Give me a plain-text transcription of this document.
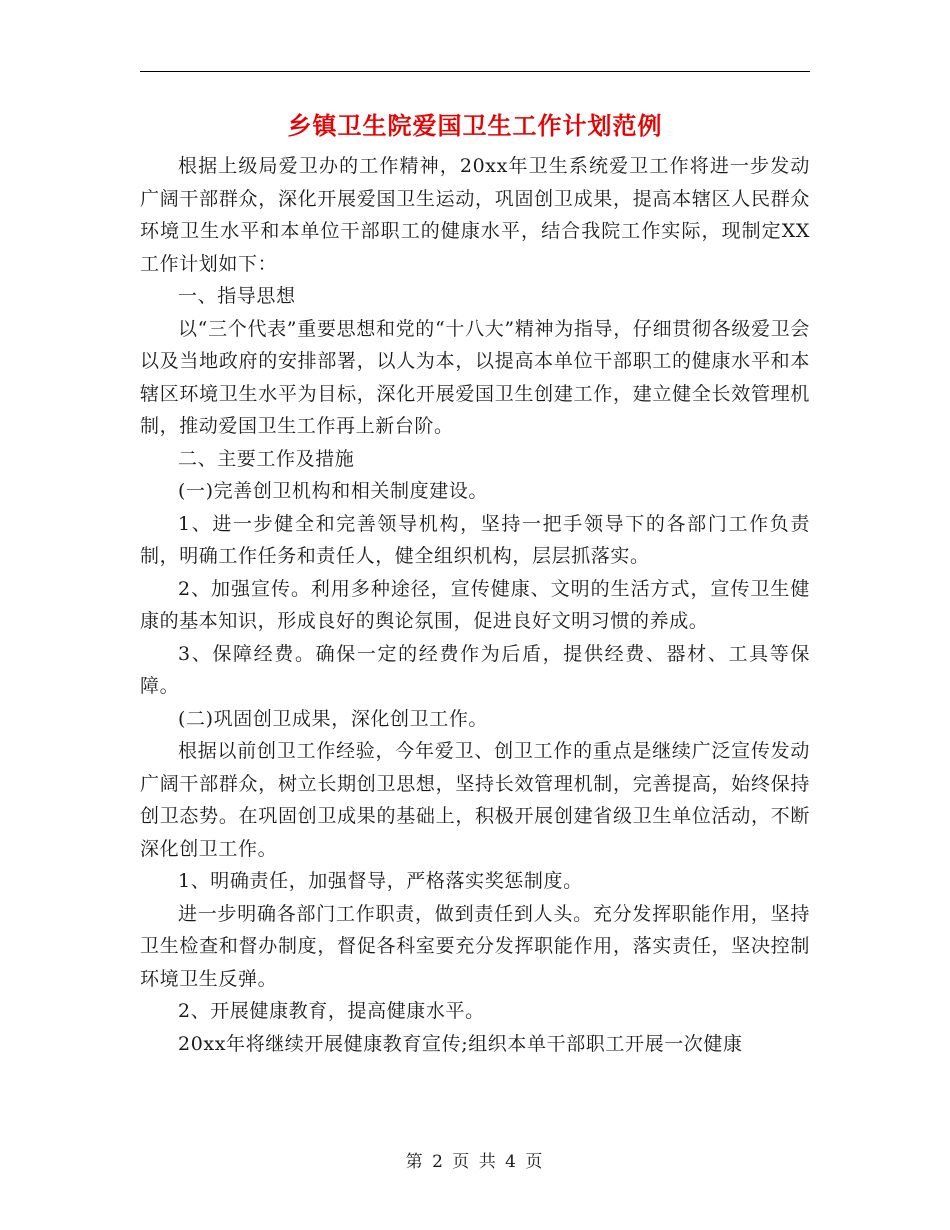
乡镇卫生院爱国卫生工作计划范例

根据上级局爱卫办的工作精神，20xx年卫生系统爱卫工作将进一步发动广阔干部群众，深化开展爱国卫生运动，巩固创卫成果，提高本辖区人民群众环境卫生水平和本单位干部职工的健康水平，结合我院工作实际，现制定XX工作计划如下：

一、指导思想

以“三个代表”重要思想和党的“十八大”精神为指导，仔细贯彻各级爱卫会以及当地政府的安排部署，以人为本，以提高本单位干部职工的健康水平和本辖区环境卫生水平为目标，深化开展爱国卫生创建工作，建立健全长效管理机制，推动爱国卫生工作再上新台阶。

二、主要工作及措施

(一)完善创卫机构和相关制度建设。

1、进一步健全和完善领导机构，坚持一把手领导下的各部门工作负责制，明确工作任务和责任人，健全组织机构，层层抓落实。

2、加强宣传。利用多种途径，宣传健康、文明的生活方式，宣传卫生健康的基本知识，形成良好的舆论氛围，促进良好文明习惯的养成。

3、保障经费。确保一定的经费作为后盾，提供经费、器材、工具等保障。

(二)巩固创卫成果，深化创卫工作。

根据以前创卫工作经验，今年爱卫、创卫工作的重点是继续广泛宣传发动广阔干部群众，树立长期创卫思想，坚持长效管理机制，完善提高，始终保持创卫态势。在巩固创卫成果的基础上，积极开展创建省级卫生单位活动，不断深化创卫工作。

1、明确责任，加强督导，严格落实奖惩制度。

进一步明确各部门工作职责，做到责任到人头。充分发挥职能作用，坚持卫生检查和督办制度，督促各科室要充分发挥职能作用，落实责任，坚决控制环境卫生反弹。

2、开展健康教育，提高健康水平。

20xx年将继续开展健康教育宣传;组织本单干部职工开展一次健康

第 2 页 共 4 页
